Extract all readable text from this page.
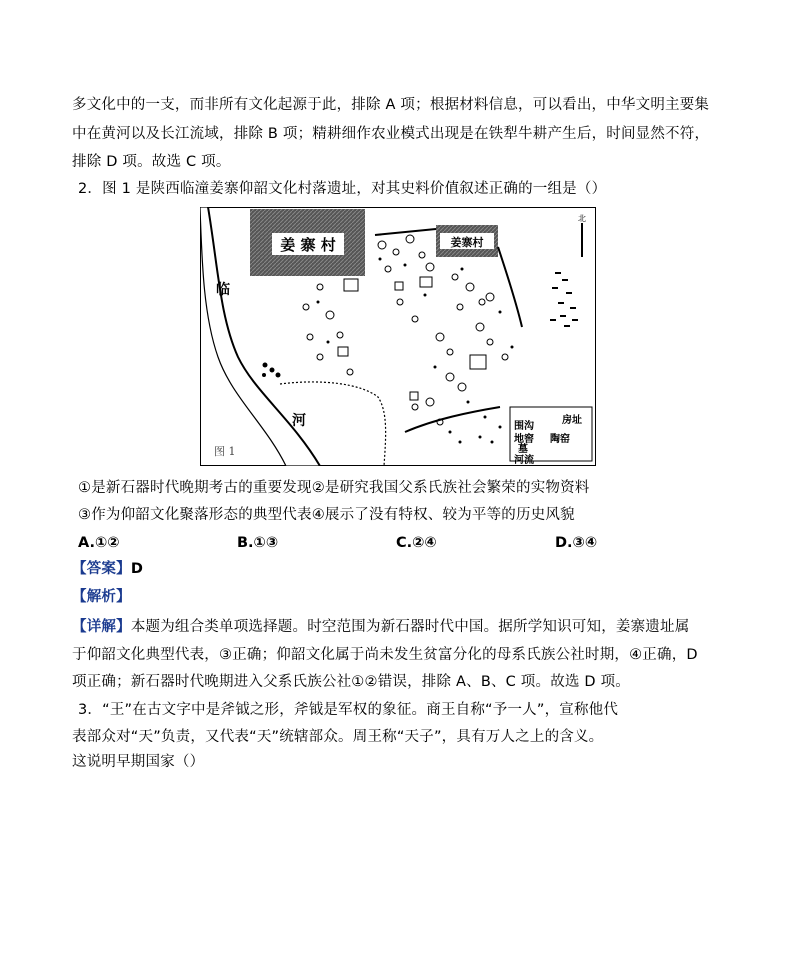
多文化中的一支，而非所有文化起源于此，排除 A 项；根据材料信息，可以看出，中华文明主要集
中在黄河以及长江流域，排除 B 项；精耕细作农业模式出现是在铁犁牛耕产生后，时间显然不符，
排除 D 项。故选 C 项。
2．图 1 是陕西临潼姜寨仰韶文化村落遗址，对其史料价值叙述正确的一组是（）
姜 寨 村	姜寨村
临
河
北
图 1
围沟
房址
地窖 陶窑
墓
河流
①是新石器时代晚期考古的重要发现②是研究我国父系氏族社会繁荣的实物资料
③作为仰韶文化聚落形态的典型代表④展示了没有特权、较为平等的历史风貌
A.①②	B.①③	C.②④	D.③④
【答案】D
【解析】
【详解】本题为组合类单项选择题。时空范围为新石器时代中国。据所学知识可知，姜寨遗址属
于仰韶文化典型代表，③正确；仰韶文化属于尚未发生贫富分化的母系氏族公社时期，④正确，D
项正确；新石器时代晚期进入父系氏族公社①②错误，排除 A、B、C 项。故选 D 项。
3．“王”在古文字中是斧钺之形，斧钺是军权的象征。商王自称“予一人”，宣称他代
表部众对“天”负责，又代表“天”统辖部众。周王称“天子”，具有万人之上的含义。
这说明早期国家（）
